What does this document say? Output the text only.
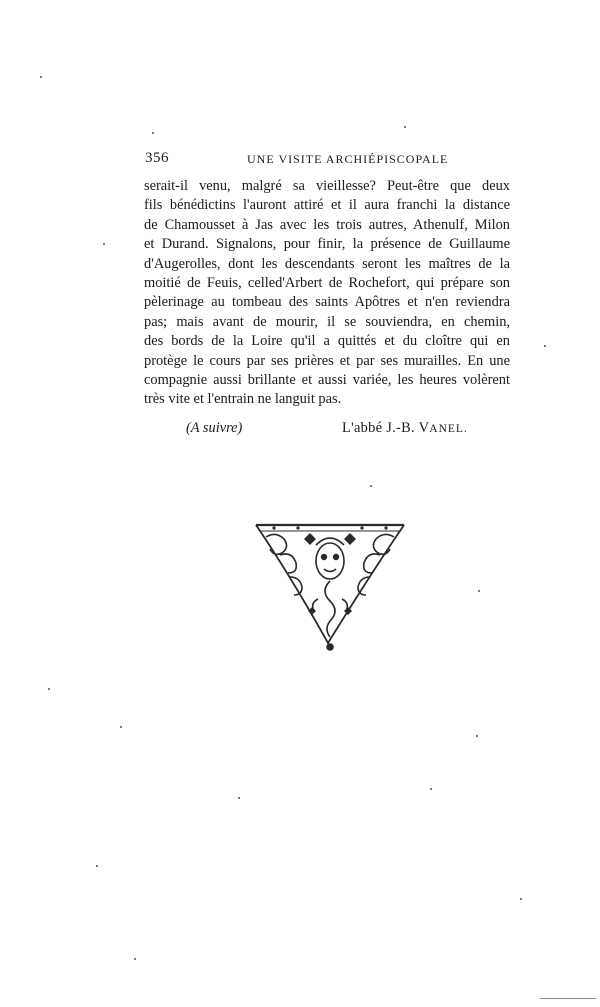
356	UNE VISITE ARCHIÉPISCOPALE

serait-il venu, malgré sa vieillesse? Peut-être que deux
fils bénédictins l'auront attiré et il aura franchi la distance
de Chamousset à Jas avec les trois autres, Athenulf, Milon
et Durand. Signalons, pour finir, la présence de Guillaume
d'Augerolles, dont les descendants seront les maîtres de la
moitié de Feuis, celled'Arbert de Rochefort, qui prépare son
pèlerinage au tombeau des saints Apôtres et n'en reviendra
pas; mais avant de mourir, il se souviendra, en chemin,
des bords de la Loire qu'il a quittés et du cloître qui en
protège le cours par ses prières et par ses murailles. En une
compagnie aussi brillante et aussi variée, les heures volèrent
très vite et l'entrain ne languit pas.

(A suivre)	L'abbé J.-B. VANEL.
